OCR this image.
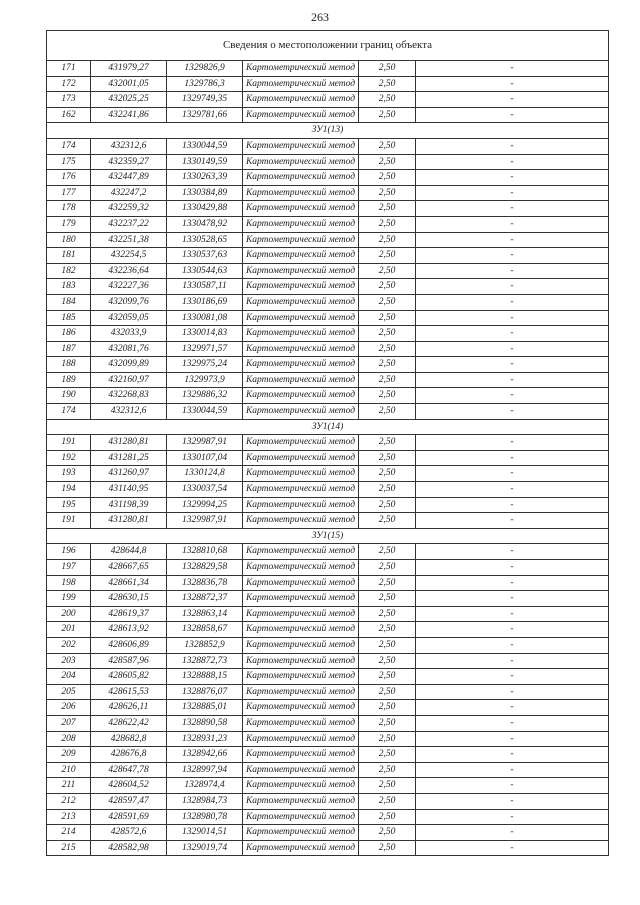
263
Сведения о местоположении границ объекта					
171	431979,27	1329826,9	Картометрический метод	2,50	-
172	432001,05	1329786,3	Картометрический метод	2,50	-
173	432025,25	1329749,35	Картометрический метод	2,50	-
162	432241,86	1329781,66	Картометрический метод	2,50	-
ЗУ1(13)					
174	432312,6	1330044,59	Картометрический метод	2,50	-
175	432359,27	1330149,59	Картометрический метод	2,50	-
176	432447,89	1330263,39	Картометрический метод	2,50	-
177	432247,2	1330384,89	Картометрический метод	2,50	-
178	432259,32	1330429,88	Картометрический метод	2,50	-
179	432237,22	1330478,92	Картометрический метод	2,50	-
180	432251,38	1330528,65	Картометрический метод	2,50	-
181	432254,5	1330537,63	Картометрический метод	2,50	-
182	432236,64	1330544,63	Картометрический метод	2,50	-
183	432227,36	1330587,11	Картометрический метод	2,50	-
184	432099,76	1330186,69	Картометрический метод	2,50	-
185	432059,05	1330081,08	Картометрический метод	2,50	-
186	432033,9	1330014,83	Картометрический метод	2,50	-
187	432081,76	1329971,57	Картометрический метод	2,50	-
188	432099,89	1329975,24	Картометрический метод	2,50	-
189	432160,97	1329973,9	Картометрический метод	2,50	-
190	432268,83	1329886,32	Картометрический метод	2,50	-
174	432312,6	1330044,59	Картометрический метод	2,50	-
ЗУ1(14)					
191	431280,81	1329987,91	Картометрический метод	2,50	-
192	431281,25	1330107,04	Картометрический метод	2,50	-
193	431260,97	1330124,8	Картометрический метод	2,50	-
194	431140,95	1330037,54	Картометрический метод	2,50	-
195	431198,39	1329994,25	Картометрический метод	2,50	-
191	431280,81	1329987,91	Картометрический метод	2,50	-
ЗУ1(15)					
196	428644,8	1328810,68	Картометрический метод	2,50	-
197	428667,65	1328829,58	Картометрический метод	2,50	-
198	428661,34	1328836,78	Картометрический метод	2,50	-
199	428630,15	1328872,37	Картометрический метод	2,50	-
200	428619,37	1328863,14	Картометрический метод	2,50	-
201	428613,92	1328858,67	Картометрический метод	2,50	-
202	428606,89	1328852,9	Картометрический метод	2,50	-
203	428587,96	1328872,73	Картометрический метод	2,50	-
204	428605,82	1328888,15	Картометрический метод	2,50	-
205	428615,53	1328876,07	Картометрический метод	2,50	-
206	428626,11	1328885,01	Картометрический метод	2,50	-
207	428622,42	1328890,58	Картометрический метод	2,50	-
208	428682,8	1328931,23	Картометрический метод	2,50	-
209	428676,8	1328942,66	Картометрический метод	2,50	-
210	428647,78	1328997,94	Картометрический метод	2,50	-
211	428604,52	1328974,4	Картометрический метод	2,50	-
212	428597,47	1328984,73	Картометрический метод	2,50	-
213	428591,69	1328980,78	Картометрический метод	2,50	-
214	428572,6	1329014,51	Картометрический метод	2,50	-
215	428582,98	1329019,74	Картометрический метод	2,50	-
